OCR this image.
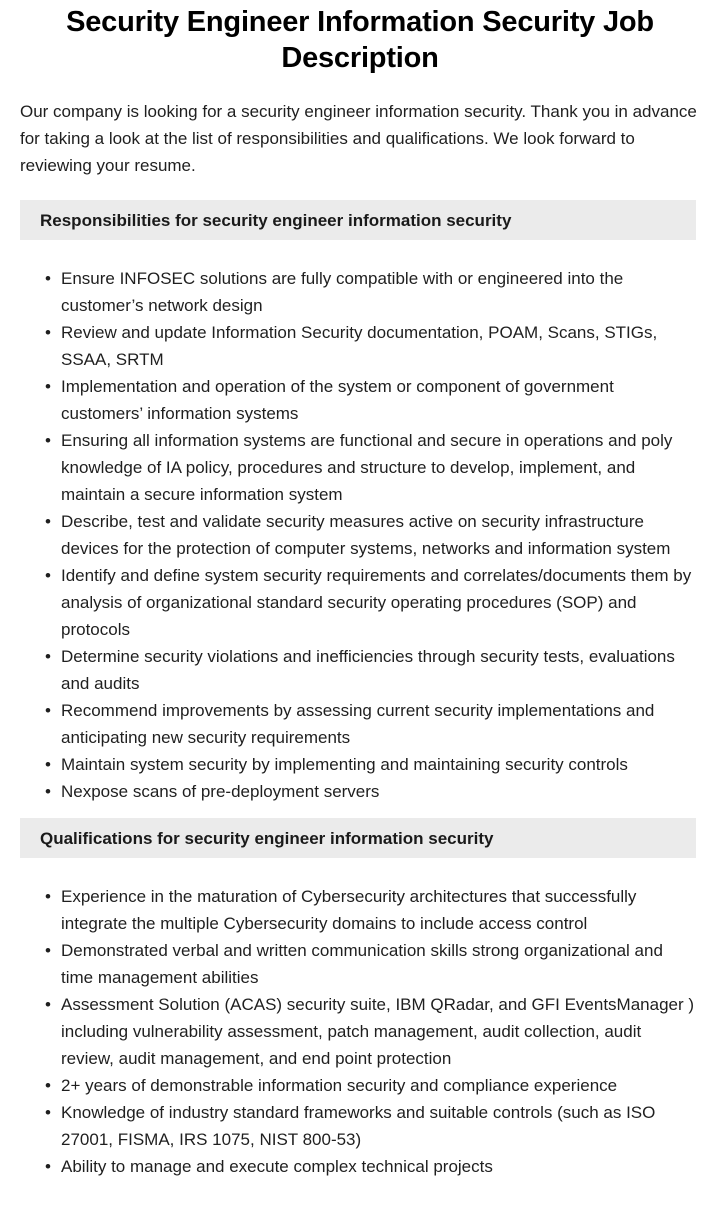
Security Engineer Information Security Job Description

Our company is looking for a security engineer information security. Thank you in advance for taking a look at the list of responsibilities and qualifications. We look forward to reviewing your resume.

Responsibilities for security engineer information security
• Ensure INFOSEC solutions are fully compatible with or engineered into the customer’s network design
• Review and update Information Security documentation, POAM, Scans, STIGs, SSAA, SRTM
• Implementation and operation of the system or component of government customers’ information systems
• Ensuring all information systems are functional and secure in operations and poly knowledge of IA policy, procedures and structure to develop, implement, and maintain a secure information system
• Describe, test and validate security measures active on security infrastructure devices for the protection of computer systems, networks and information system
• Identify and define system security requirements and correlates/documents them by analysis of organizational standard security operating procedures (SOP) and protocols
• Determine security violations and inefficiencies through security tests, evaluations and audits
• Recommend improvements by assessing current security implementations and anticipating new security requirements
• Maintain system security by implementing and maintaining security controls
• Nexpose scans of pre-deployment servers
Qualifications for security engineer information security
• Experience in the maturation of Cybersecurity architectures that successfully integrate the multiple Cybersecurity domains to include access control
• Demonstrated verbal and written communication skills strong organizational and time management abilities
• Assessment Solution (ACAS) security suite, IBM QRadar, and GFI EventsManager ) including vulnerability assessment, patch management, audit collection, audit review, audit management, and end point protection
• 2+ years of demonstrable information security and compliance experience
• Knowledge of industry standard frameworks and suitable controls (such as ISO 27001, FISMA, IRS 1075, NIST 800-53)
• Ability to manage and execute complex technical projects
